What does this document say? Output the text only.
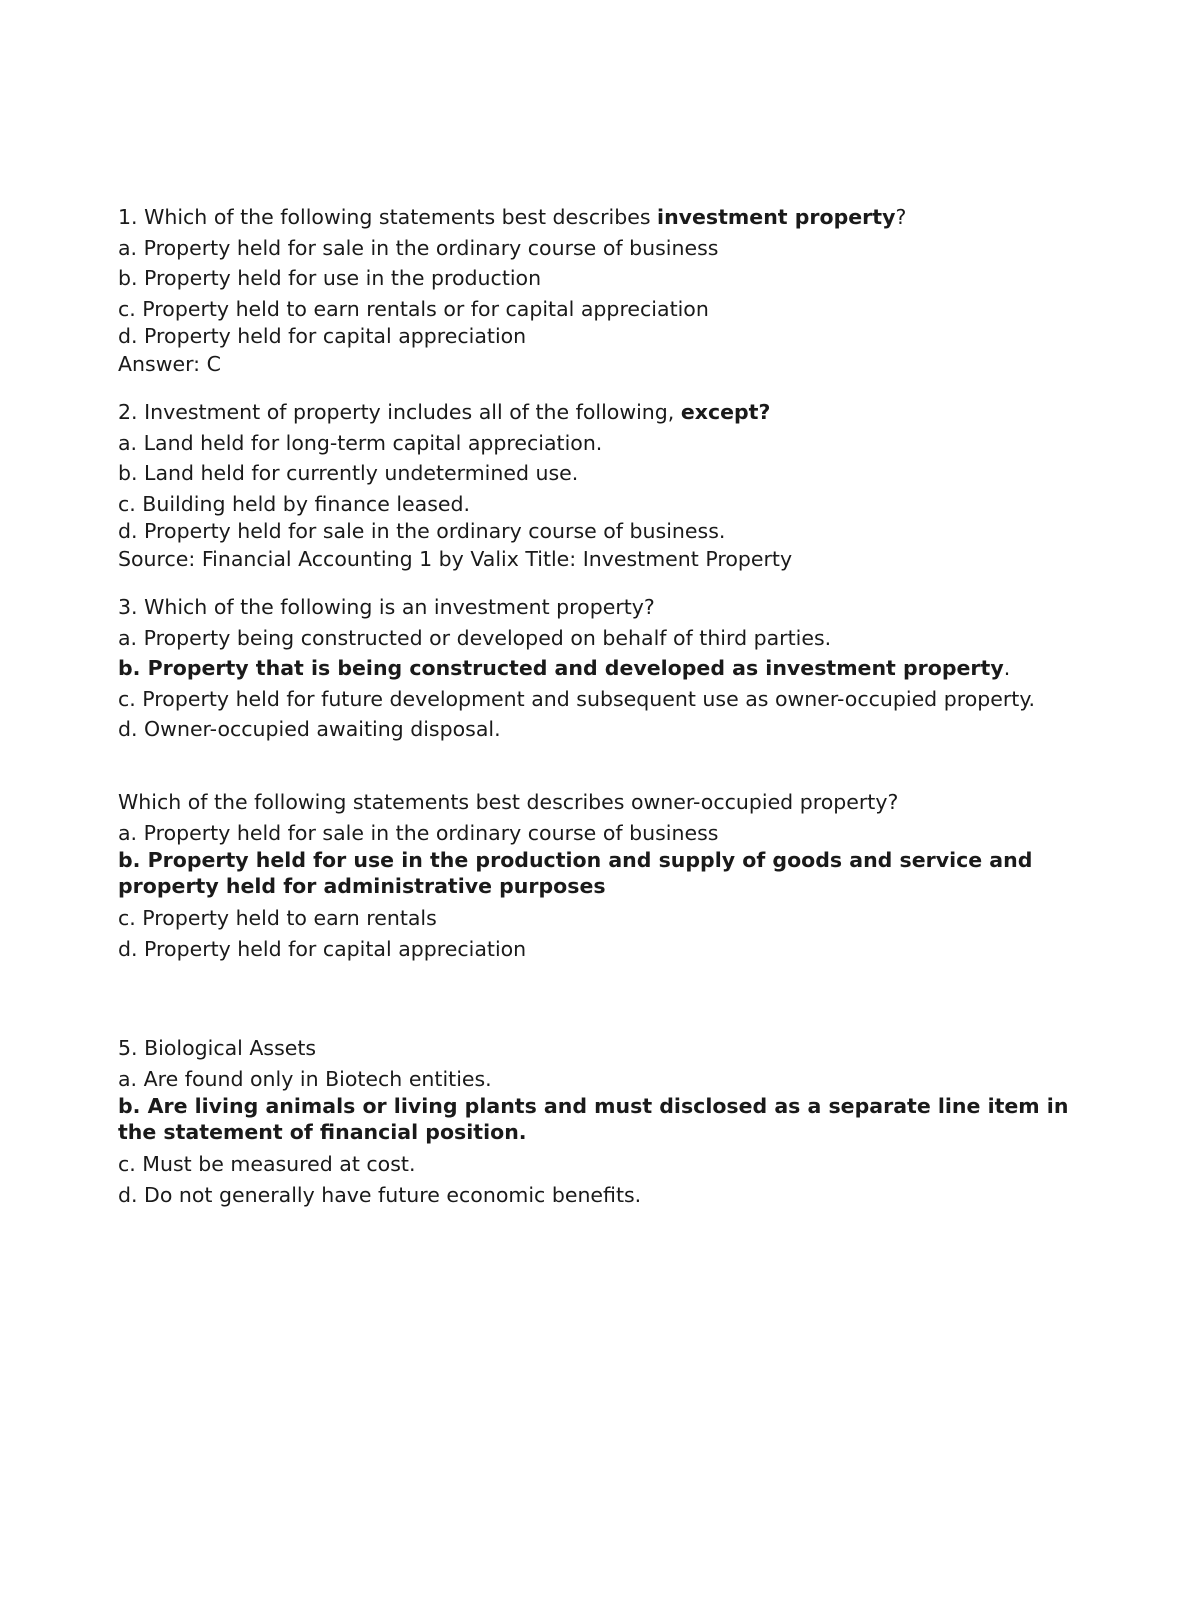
1. Which of the following statements best describes investment property?
a. Property held for sale in the ordinary course of business
b. Property held for use in the production
c. Property held to earn rentals or for capital appreciation
d. Property held for capital appreciation
Answer: C
2. Investment of property includes all of the following, except?
a. Land held for long-term capital appreciation.
b. Land held for currently undetermined use.
c. Building held by finance leased.
d. Property held for sale in the ordinary course of business.
Source: Financial Accounting 1 by Valix Title: Investment Property
3. Which of the following is an investment property?
a. Property being constructed or developed on behalf of third parties.
b. Property that is being constructed and developed as investment property.
c. Property held for future development and subsequent use as owner-occupied property.
d. Owner-occupied awaiting disposal.
Which of the following statements best describes owner-occupied property?
a. Property held for sale in the ordinary course of business
b. Property held for use in the production and supply of goods and service and property held for administrative purposes
c. Property held to earn rentals
d. Property held for capital appreciation
5. Biological Assets
a. Are found only in Biotech entities.
b. Are living animals or living plants and must disclosed as a separate line item in the statement of financial position.
c. Must be measured at cost.
d. Do not generally have future economic benefits.
